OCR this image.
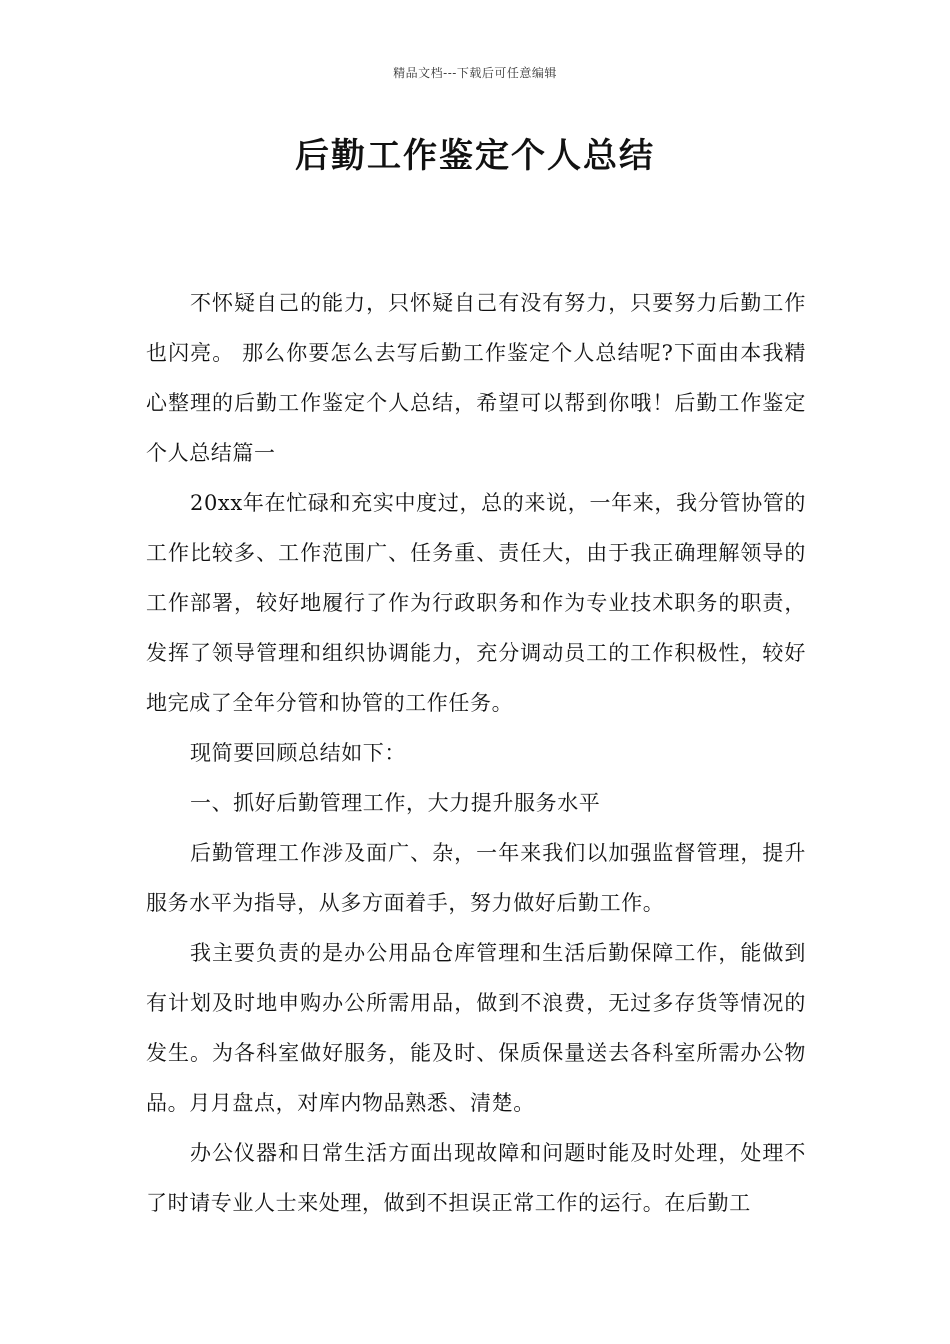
精品文档---下载后可任意编辑
后勤工作鉴定个人总结

不怀疑自己的能力，只怀疑自己有没有努力，只要努力后勤工作也闪亮。 那么你要怎么去写后勤工作鉴定个人总结呢?下面由本我精心整理的后勤工作鉴定个人总结，希望可以帮到你哦！后勤工作鉴定个人总结篇一

20xx年在忙碌和充实中度过，总的来说，一年来，我分管协管的工作比较多、工作范围广、任务重、责任大，由于我正确理解领导的工作部署，较好地履行了作为行政职务和作为专业技术职务的职责，发挥了领导管理和组织协调能力，充分调动员工的工作积极性，较好地完成了全年分管和协管的工作任务。

现简要回顾总结如下：

一、抓好后勤管理工作，大力提升服务水平

后勤管理工作涉及面广、杂，一年来我们以加强监督管理，提升服务水平为指导，从多方面着手，努力做好后勤工作。

我主要负责的是办公用品仓库管理和生活后勤保障工作，能做到有计划及时地申购办公所需用品，做到不浪费，无过多存货等情况的发生。为各科室做好服务，能及时、保质保量送去各科室所需办公物品。月月盘点，对库内物品熟悉、清楚。

办公仪器和日常生活方面出现故障和问题时能及时处理，处理不了时请专业人士来处理，做到不担误正常工作的运行。在后勤工
